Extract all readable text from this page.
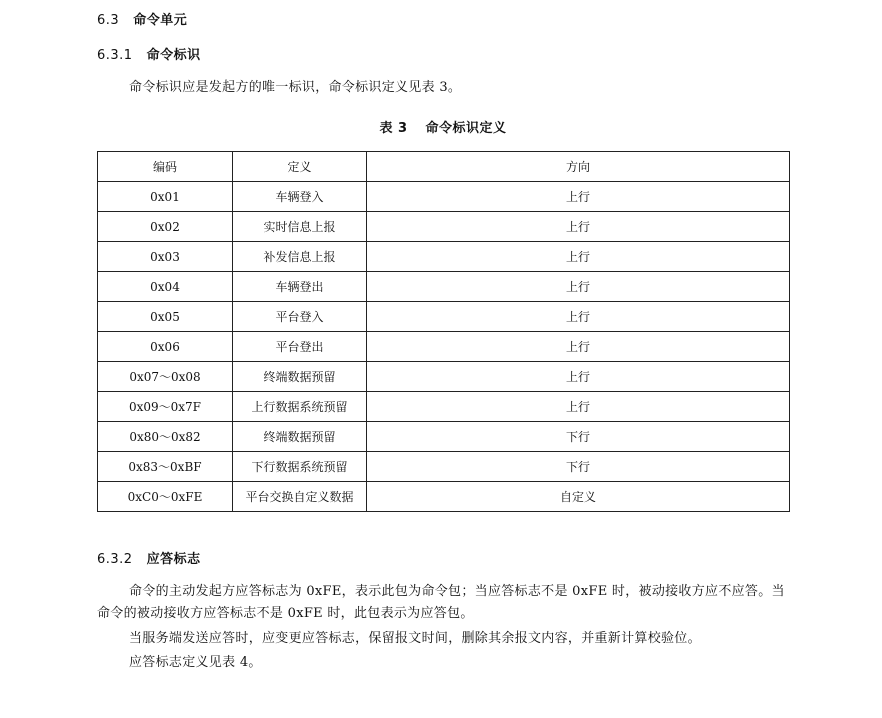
6.3 命令单元
6.3.1 命令标识
命令标识应是发起方的唯一标识，命令标识定义见表 3。
表 3 命令标识定义
编码	定义	方向
0x01	车辆登入	上行
0x02	实时信息上报	上行
0x03	补发信息上报	上行
0x04	车辆登出	上行
0x05	平台登入	上行
0x06	平台登出	上行
0x07～0x08	终端数据预留	上行
0x09～0x7F	上行数据系统预留	上行
0x80～0x82	终端数据预留	下行
0x83～0xBF	下行数据系统预留	下行
0xC0～0xFE	平台交换自定义数据	自定义
6.3.2 应答标志
命令的主动发起方应答标志为 0xFE，表示此包为命令包；当应答标志不是 0xFE 时，被动接收方应不应答。当命令的被动接收方应答标志不是 0xFE 时，此包表示为应答包。
当服务端发送应答时，应变更应答标志，保留报文时间，删除其余报文内容，并重新计算校验位。
应答标志定义见表 4。
